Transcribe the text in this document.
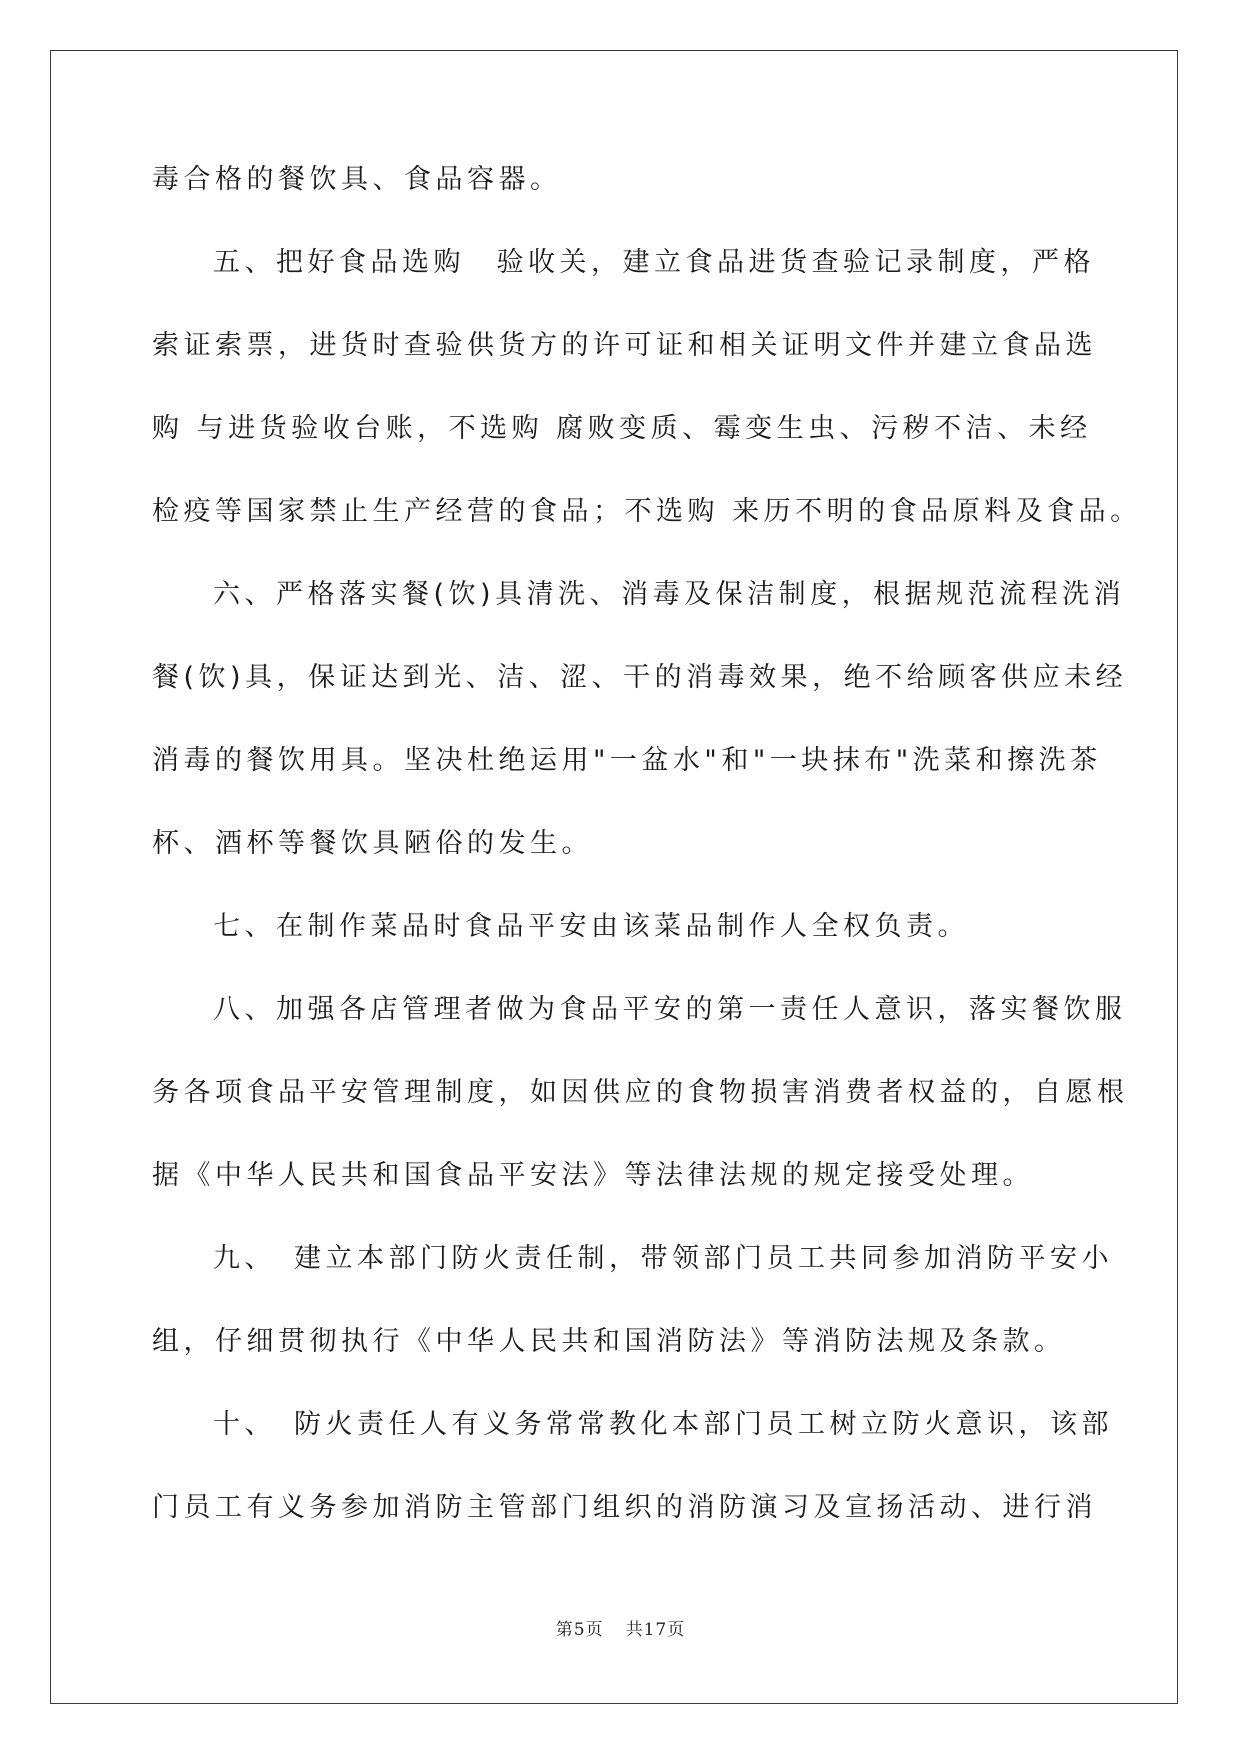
毒合格的餐饮具、食品容器。
五、把好食品选购　验收关，建立食品进货查验记录制度，严格
索证索票，进货时查验供货方的许可证和相关证明文件并建立食品选
购 与进货验收台账，不选购 腐败变质、霉变生虫、污秽不洁、未经
检疫等国家禁止生产经营的食品；不选购 来历不明的食品原料及食品。
六、严格落实餐(饮)具清洗、消毒及保洁制度，根据规范流程洗消
餐(饮)具，保证达到光、洁、涩、干的消毒效果，绝不给顾客供应未经
消毒的餐饮用具。坚决杜绝运用"一盆水"和"一块抹布"洗菜和擦洗茶
杯、酒杯等餐饮具陋俗的发生。
七、在制作菜品时食品平安由该菜品制作人全权负责。
八、加强各店管理者做为食品平安的第一责任人意识，落实餐饮服
务各项食品平安管理制度，如因供应的食物损害消费者权益的，自愿根
据《中华人民共和国食品平安法》等法律法规的规定接受处理。
九、　建立本部门防火责任制，带领部门员工共同参加消防平安小
组，仔细贯彻执行《中华人民共和国消防法》等消防法规及条款。
十、　防火责任人有义务常常教化本部门员工树立防火意识，该部
门员工有义务参加消防主管部门组织的消防演习及宣扬活动、进行消
第5页 共17页
